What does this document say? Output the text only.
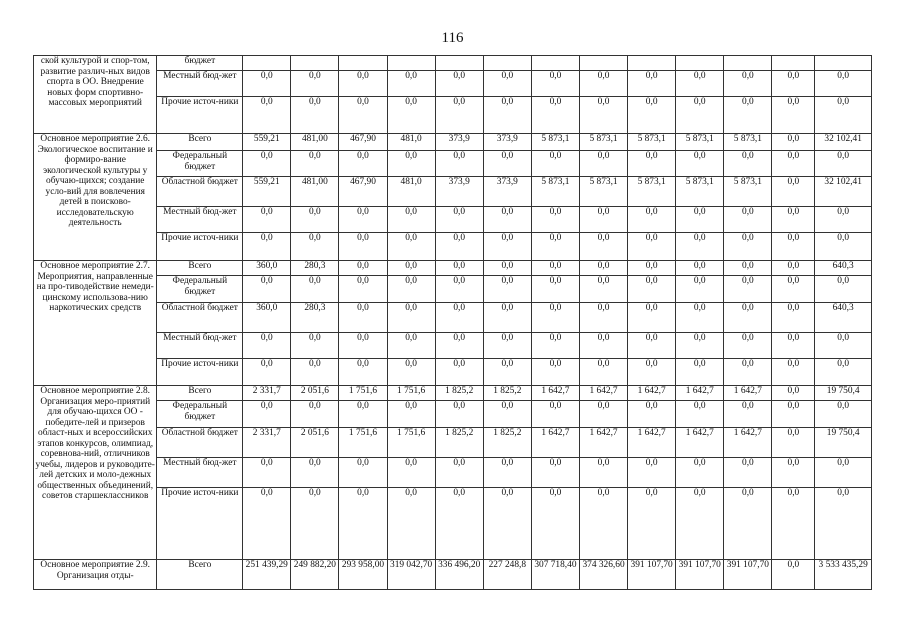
116
ской культурой и спор-том, развитие различ-ных видов спорта в ОО. Внедрение новых форм спортивно-массовых мероприятий	бюджет													
	Местный бюд-жет	0,0	0,0	0,0	0,0	0,0	0,0	0,0	0,0	0,0	0,0	0,0	0,0	0,0
	Прочие источ-ники	0,0	0,0	0,0	0,0	0,0	0,0	0,0	0,0	0,0	0,0	0,0	0,0	0,0
Основное мероприятие 2.6. Экологическое воспитание и формиро-вание экологической культуры у обучаю-щихся; создание усло-вий для вовлечения детей в поисково-исследовательскую деятельность	Всего	559,21	481,00	467,90	481,0	373,9	373,9	5 873,1	5 873,1	5 873,1	5 873,1	5 873,1	0,0	32 102,41
	Федеральный бюджет	0,0	0,0	0,0	0,0	0,0	0,0	0,0	0,0	0,0	0,0	0,0	0,0	0,0
	Областной бюджет	559,21	481,00	467,90	481,0	373,9	373,9	5 873,1	5 873,1	5 873,1	5 873,1	5 873,1	0,0	32 102,41
	Местный бюд-жет	0,0	0,0	0,0	0,0	0,0	0,0	0,0	0,0	0,0	0,0	0,0	0,0	0,0
	Прочие источ-ники	0,0	0,0	0,0	0,0	0,0	0,0	0,0	0,0	0,0	0,0	0,0	0,0	0,0
Основное мероприятие 2.7. Мероприятия, направленные на про-тиводействие немеди-цинскому использова-нию наркотических средств	Всего	360,0	280,3	0,0	0,0	0,0	0,0	0,0	0,0	0,0	0,0	0,0	0,0	640,3
	Федеральный бюджет	0,0	0,0	0,0	0,0	0,0	0,0	0,0	0,0	0,0	0,0	0,0	0,0	0,0
	Областной бюджет	360,0	280,3	0,0	0,0	0,0	0,0	0,0	0,0	0,0	0,0	0,0	0,0	640,3
	Местный бюд-жет	0,0	0,0	0,0	0,0	0,0	0,0	0,0	0,0	0,0	0,0	0,0	0,0	0,0
	Прочие источ-ники	0,0	0,0	0,0	0,0	0,0	0,0	0,0	0,0	0,0	0,0	0,0	0,0	0,0
Основное мероприятие 2.8. Организация меро-приятий для обучаю-щихся ОО - победите-лей и призеров област-ных и всероссийских этапов конкурсов, олимпиад, соревнова-ний, отличников учебы, лидеров и руководите-лей детских и моло-дежных общественных объединений, советов старшеклассников	Всего	2 331,7	2 051,6	1 751,6	1 751,6	1 825,2	1 825,2	1 642,7	1 642,7	1 642,7	1 642,7	1 642,7	0,0	19 750,4
	Федеральный бюджет	0,0	0,0	0,0	0,0	0,0	0,0	0,0	0,0	0,0	0,0	0,0	0,0	0,0
	Областной бюджет	2 331,7	2 051,6	1 751,6	1 751,6	1 825,2	1 825,2	1 642,7	1 642,7	1 642,7	1 642,7	1 642,7	0,0	19 750,4
	Местный бюд-жет	0,0	0,0	0,0	0,0	0,0	0,0	0,0	0,0	0,0	0,0	0,0	0,0	0,0
	Прочие источ-ники	0,0	0,0	0,0	0,0	0,0	0,0	0,0	0,0	0,0	0,0	0,0	0,0	0,0
Основное мероприятие 2.9. Организация отды-	Всего	251 439,29	249 882,20	293 958,00	319 042,70	336 496,20	227 248,8	307 718,40	374 326,60	391 107,70	391 107,70	391 107,70	0,0	3 533 435,29
